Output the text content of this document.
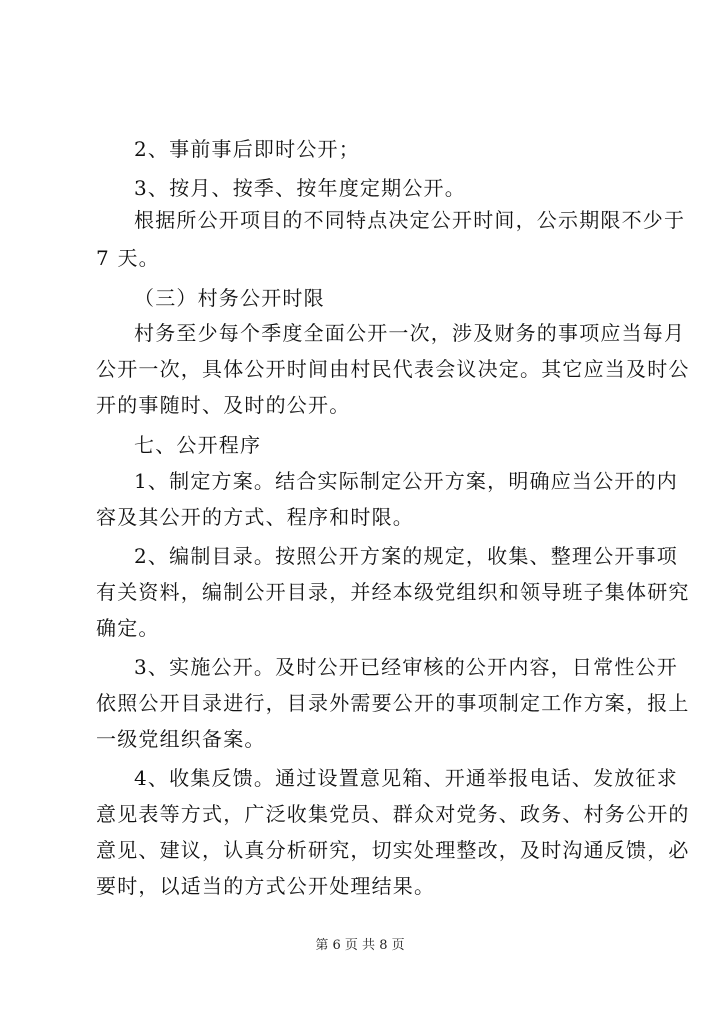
2、事前事后即时公开；
3、按月、按季、按年度定期公开。
根据所公开项目的不同特点决定公开时间，公示期限不少于
7 天。
（三）村务公开时限
村务至少每个季度全面公开一次，涉及财务的事项应当每月
公开一次，具体公开时间由村民代表会议决定。其它应当及时公
开的事随时、及时的公开。
七、公开程序
1、制定方案。结合实际制定公开方案，明确应当公开的内
容及其公开的方式、程序和时限。
2、编制目录。按照公开方案的规定，收集、整理公开事项
有关资料，编制公开目录，并经本级党组织和领导班子集体研究
确定。
3、实施公开。及时公开已经审核的公开内容，日常性公开
依照公开目录进行，目录外需要公开的事项制定工作方案，报上
一级党组织备案。
4、收集反馈。通过设置意见箱、开通举报电话、发放征求
意见表等方式，广泛收集党员、群众对党务、政务、村务公开的
意见、建议，认真分析研究，切实处理整改，及时沟通反馈，必
要时，以适当的方式公开处理结果。
第 6 页 共 8 页
